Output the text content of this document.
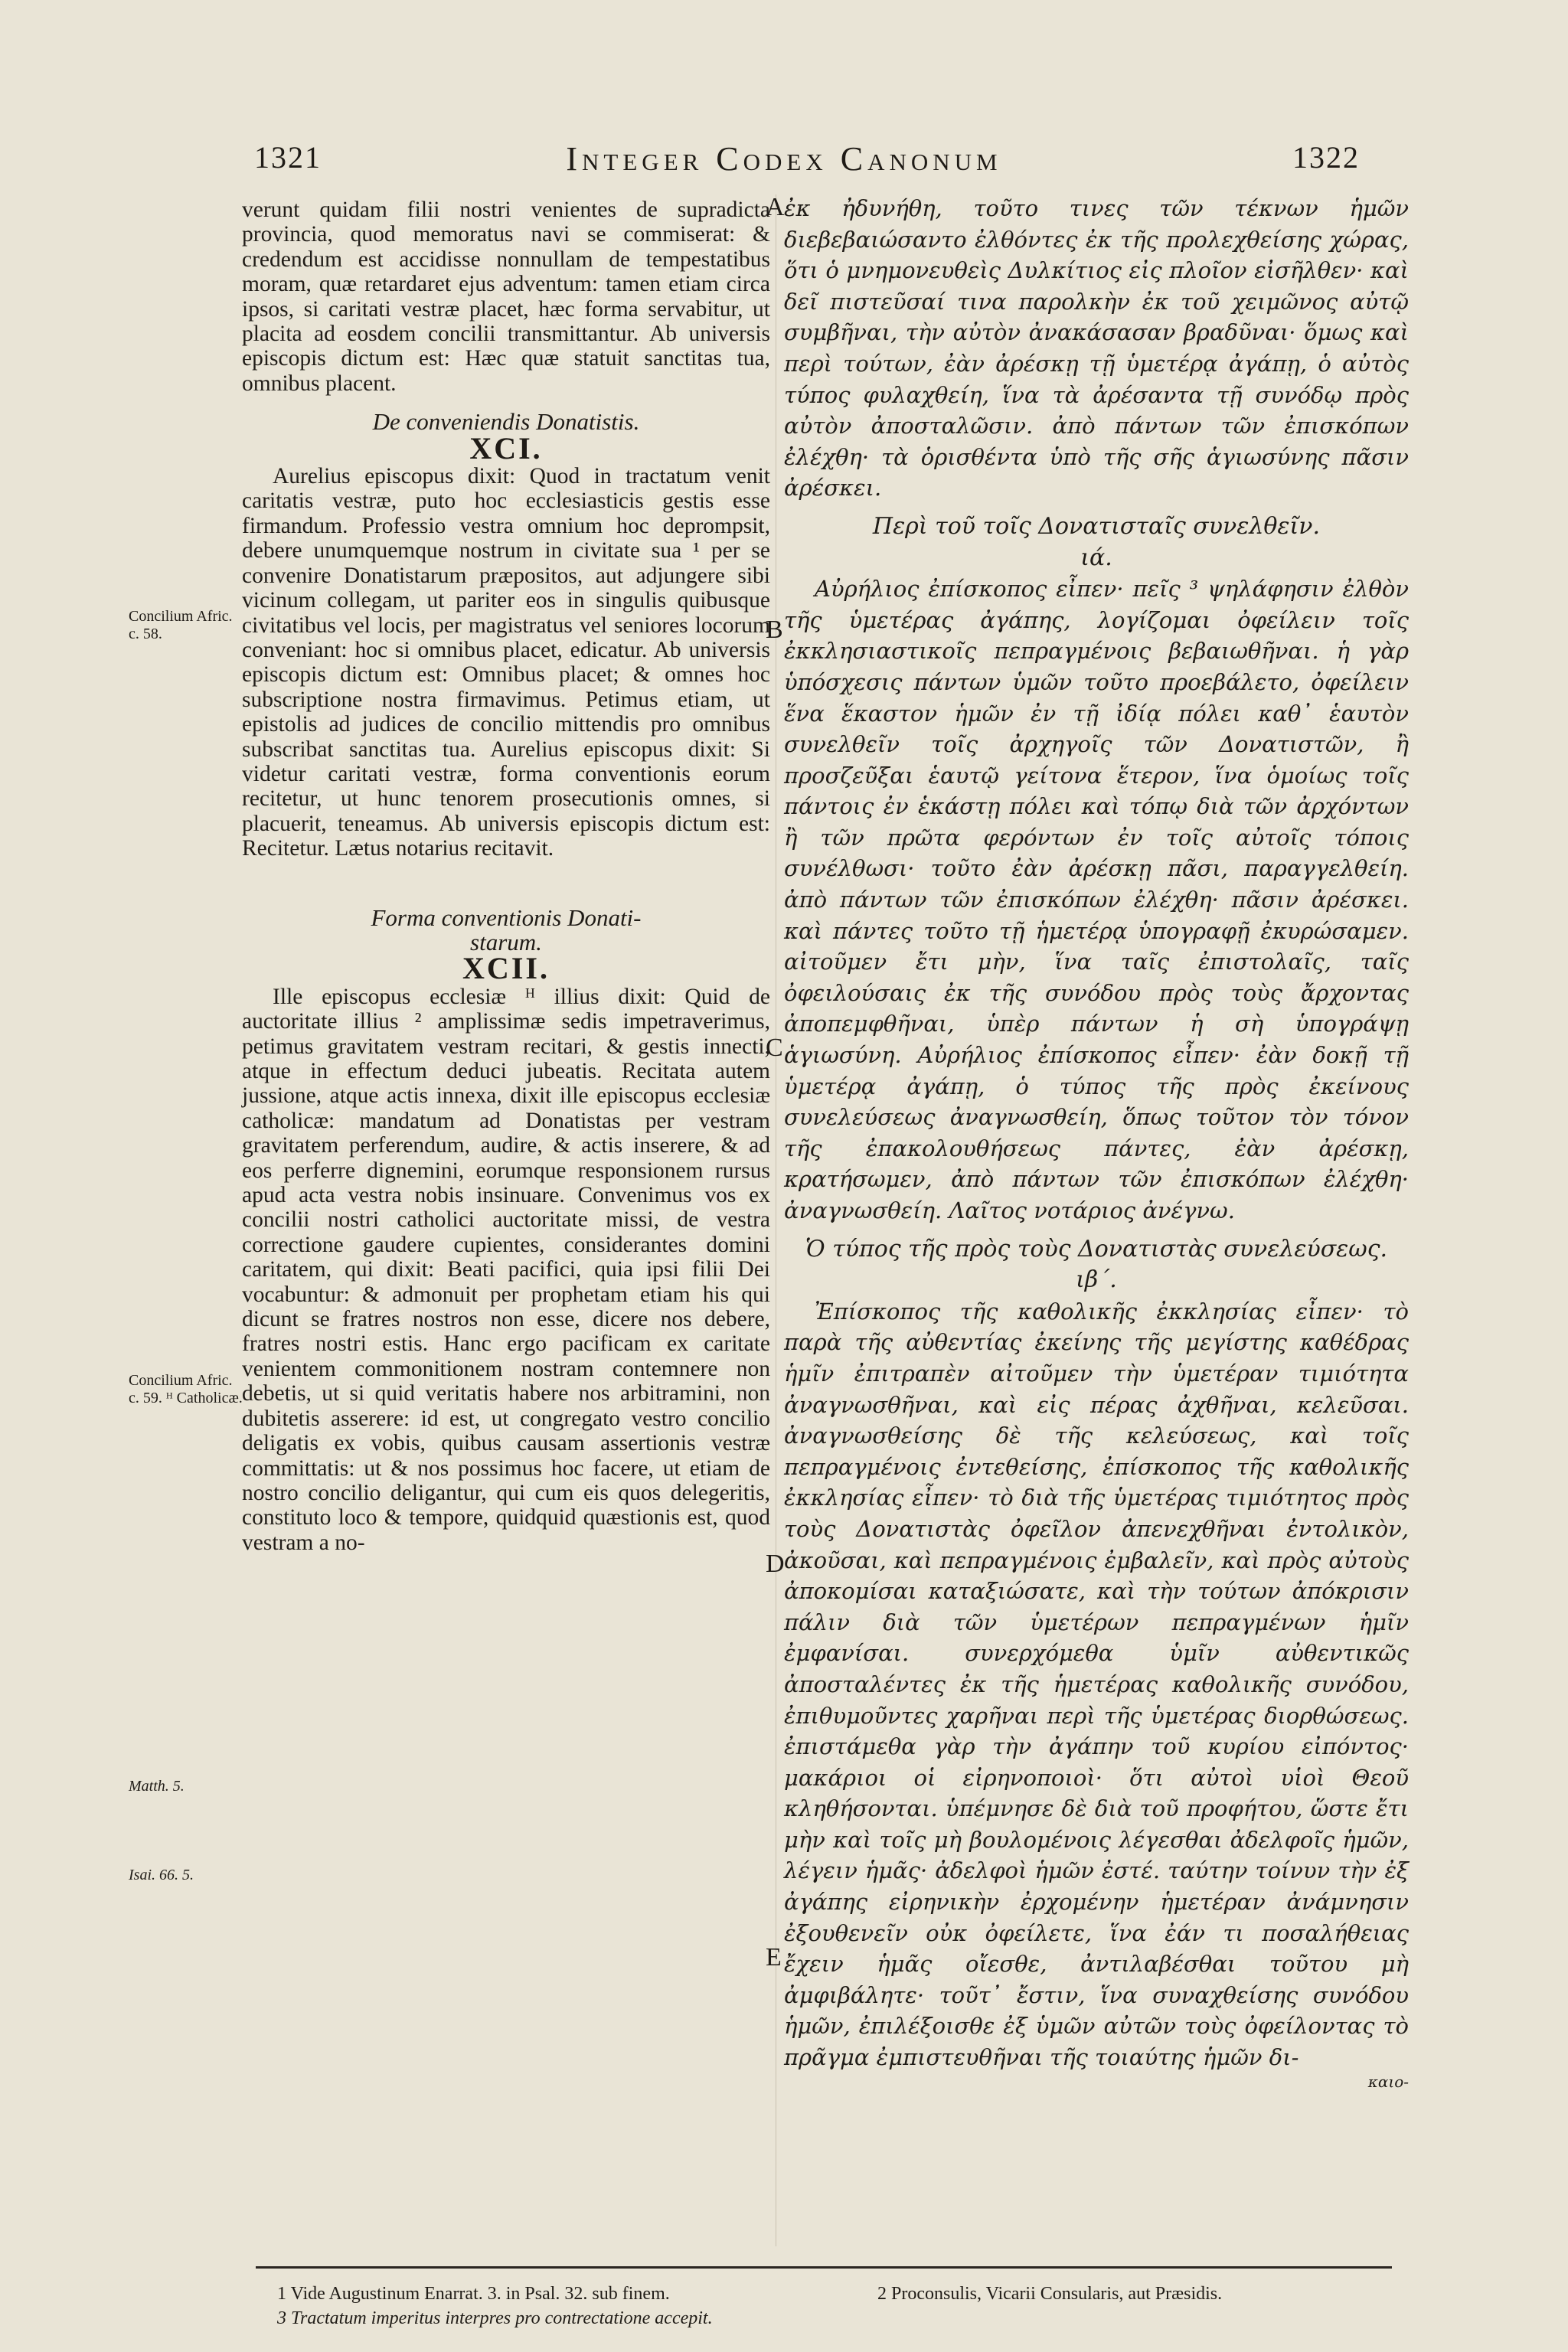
1321	Integer Codex Canonum	1322

verunt quidam filii nostri venientes de supradicta provincia, quod memoratus navi se commiserat: & credendum est accidisse nonnullam de tempestatibus moram, quæ retardaret ejus adventum: tamen etiam circa ipsos, si caritati vestræ placet, hæc forma servabitur, ut placita ad eosdem concilii transmittantur. Ab universis episcopis dictum est: Hæc quæ statuit sanctitas tua, omnibus placent.

De conveniendis Donatistis.
XCI.

Aurelius episcopus dixit: Quod in tractatum venit caritatis vestræ, puto hoc ecclesiasticis gestis esse firmandum. Professio vestra omnium hoc deprompsit, debere unumquemque nostrum in civitate sua ¹ per se convenire Donatistarum præpositos, aut adjungere sibi vicinum collegam, ut pariter eos in singulis quibusque civitatibus vel locis, per magistratus vel seniores locorum conveniant: hoc si omnibus placet, edicatur. Ab universis episcopis dictum est: Omnibus placet; & omnes hoc subscriptione nostra firmavimus. Petimus etiam, ut epistolis ad judices de concilio mittendis pro omnibus subscribat sanctitas tua. Aurelius episcopus dixit: Si videtur caritati vestræ, forma conventionis eorum recitetur, ut hunc tenorem prosecutionis omnes, si placuerit, teneamus. Ab universis episcopis dictum est: Recitetur. Lætus notarius recitavit.

Forma conventionis Donati-
starum.
XCII.

Ille episcopus ecclesiæ ᴴ illius dixit: Quid de auctoritate illius ² amplissimæ sedis impetraverimus, petimus gravitatem vestram recitari, & gestis innecti, atque in effectum deduci jubeatis. Recitata autem jussione, atque actis innexa, dixit ille episcopus ecclesiæ catholicæ: mandatum ad Donatistas per vestram gravitatem perferendum, audire, & actis inserere, & ad eos perferre dignemini, eorumque responsionem rursus apud acta vestra nobis insinuare. Convenimus vos ex concilii nostri catholici auctoritate missi, de vestra correctione gaudere cupientes, considerantes domini caritatem, qui dixit: Beati pacifici, quia ipsi filii Dei vocabuntur: & admonuit per prophetam etiam his qui dicunt se fratres nostros non esse, dicere nos debere, fratres nostri estis. Hanc ergo pacificam ex caritate venientem commonitionem nostram contemnere non debetis, ut si quid veritatis habere nos arbitramini, non dubitetis asserere: id est, ut congregato vestro concilio deligatis ex vobis, quibus causam assertionis vestræ committatis: ut & nos possimus hoc facere, ut etiam de nostro concilio deligantur, qui cum eis quos delegeritis, constituto loco & tempore, quidquid quæstionis est, quod vestram a no-

ἐκ ἠδυνήθη, τοῦτο τινες τῶν τέκνων ἡμῶν διεβεβαιώσαντο ἐλθόντες ἐκ τῆς προλεχθείσης χώρας, ὅτι ὁ μνημονευθεὶς Δυλκίτιος εἰς πλοῖον εἰσῆλθεν· καὶ δεῖ πιστεῦσαί τινα παρολκὴν ἐκ τοῦ χειμῶνος αὐτῷ συμβῆναι, τὴν αὐτὸν ἀνακάσασαν βραδῦναι· ὅμως καὶ περὶ τούτων, ἐὰν ἀρέσκῃ τῇ ὑμετέρᾳ ἀγάπῃ, ὁ αὐτὸς τύπος φυλαχθείη, ἵνα τὰ ἀρέσαντα τῇ συνόδῳ πρὸς αὐτὸν ἀποσταλῶσιν. ἀπὸ πάντων τῶν ἐπισκόπων ἐλέχθη· τὰ ὁρισθέντα ὑπὸ τῆς σῆς ἁγιωσύνης πᾶσιν ἀρέσκει.

Περὶ τοῦ τοῖς Δονατισταῖς συνελθεῖν.
ιά.

Αὐρήλιος ἐπίσκοπος εἶπεν· πεῖς ³ ψηλάφησιν ἐλθὸν τῆς ὑμετέρας ἀγάπης, λογίζομαι ὀφείλειν τοῖς ἐκκλησιαστικοῖς πεπραγμένοις βεβαιωθῆναι. ἡ γὰρ ὑπόσχεσις πάντων ὑμῶν τοῦτο προεβάλετο, ὀφείλειν ἕνα ἕκαστον ἡμῶν ἐν τῇ ἰδίᾳ πόλει καθ᾽ ἑαυτὸν συνελθεῖν τοῖς ἀρχηγοῖς τῶν Δονατιστῶν, ἢ προσζεῦξαι ἑαυτῷ γείτονα ἕτερον, ἵνα ὁμοίως τοῖς πάντοις ἐν ἑκάστῃ πόλει καὶ τόπῳ διὰ τῶν ἀρχόντων ἢ τῶν πρῶτα φερόντων ἐν τοῖς αὐτοῖς τόποις συνέλθωσι· τοῦτο ἐὰν ἀρέσκῃ πᾶσι, παραγγελθείη. ἀπὸ πάντων τῶν ἐπισκόπων ἐλέχθη· πᾶσιν ἀρέσκει. καὶ πάντες τοῦτο τῇ ἡμετέρᾳ ὑπογραφῇ ἐκυρώσαμεν. αἰτοῦμεν ἔτι μὴν, ἵνα ταῖς ἐπιστολαῖς, ταῖς ὀφειλούσαις ἐκ τῆς συνόδου πρὸς τοὺς ἄρχοντας ἀποπεμφθῆναι, ὑπὲρ πάντων ἡ σὴ ὑπογράψῃ ἁγιωσύνη. Αὐρήλιος ἐπίσκοπος εἶπεν· ἐὰν δοκῇ τῇ ὑμετέρᾳ ἀγάπῃ, ὁ τύπος τῆς πρὸς ἐκείνους συνελεύσεως ἀναγνωσθείη, ὅπως τοῦτον τὸν τόνον τῆς ἐπακολουθήσεως πάντες, ἐὰν ἀρέσκῃ, κρατήσωμεν, ἀπὸ πάντων τῶν ἐπισκόπων ἐλέχθη· ἀναγνωσθείη. Λαῖτος νοτάριος ἀνέγνω.

Ὁ τύπος τῆς πρὸς τοὺς Δονατιστὰς συνελεύσεως.
ιβ΄.

Ἐπίσκοπος τῆς καθολικῆς ἐκκλησίας εἶπεν· τὸ παρὰ τῆς αὐθεντίας ἐκείνης τῆς μεγίστης καθέδρας ἡμῖν ἐπιτραπὲν αἰτοῦμεν τὴν ὑμετέραν τιμιότητα ἀναγνωσθῆναι, καὶ εἰς πέρας ἀχθῆναι, κελεῦσαι. ἀναγνωσθείσης δὲ τῆς κελεύσεως, καὶ τοῖς πεπραγμένοις ἐντεθείσης, ἐπίσκοπος τῆς καθολικῆς ἐκκλησίας εἶπεν· τὸ διὰ τῆς ὑμετέρας τιμιότητος πρὸς τοὺς Δονατιστὰς ὀφεῖλον ἀπενεχθῆναι ἐντολικὸν, ἀκοῦσαι, καὶ πεπραγμένοις ἐμβαλεῖν, καὶ πρὸς αὐτοὺς ἀποκομίσαι καταξιώσατε, καὶ τὴν τούτων ἀπόκρισιν πάλιν διὰ τῶν ὑμετέρων πεπραγμένων ἡμῖν ἐμφανίσαι. συνερχόμεθα ὑμῖν αὐθεντικῶς ἀποσταλέντες ἐκ τῆς ἡμετέρας καθολικῆς συνόδου, ἐπιθυμοῦντες χαρῆναι περὶ τῆς ὑμετέρας διορθώσεως. ἐπιστάμεθα γὰρ τὴν ἀγάπην τοῦ κυρίου εἰπόντος· μακάριοι οἱ εἰρηνοποιοὶ· ὅτι αὐτοὶ υἱοὶ Θεοῦ κληθήσονται. ὑπέμνησε δὲ διὰ τοῦ προφήτου, ὥστε ἔτι μὴν καὶ τοῖς μὴ βουλομένοις λέγεσθαι ἀδελφοῖς ἡμῶν, λέγειν ἡμᾶς· ἀδελφοὶ ἡμῶν ἐστέ. ταύτην τοίνυν τὴν ἐξ ἀγάπης εἰρηνικὴν ἐρχομένην ἡμετέραν ἀνάμνησιν ἐξουθενεῖν οὐκ ὀφείλετε, ἵνα ἐάν τι ποσαλήθειας ἔχειν ἡμᾶς οἴεσθε, ἀντιλαβέσθαι τοῦτου μὴ ἀμφιβάλητε· τοῦτ᾽ ἔστιν, ἵνα συναχθείσης συνόδου ἡμῶν, ἐπιλέξοισθε ἐξ ὑμῶν αὐτῶν τοὺς ὀφείλοντας τὸ πρᾶγμα ἐμπιστευθῆναι τῆς τοιαύτης ἡμῶν δι-

καιο-
Concilium Afric. c. 58.
Concilium Afric. c. 59. ᴴ Catholicæ.
Matth. 5.
Isai. 66. 5.
A
B
C
D
E
1 Vide Augustinum Enarrat. 3. in Psal. 32. sub finem.	2 Proconsulis, Vicarii Consularis, aut Præsidis.
3 Tractatum imperitus interpres pro contrectatione accepit.
